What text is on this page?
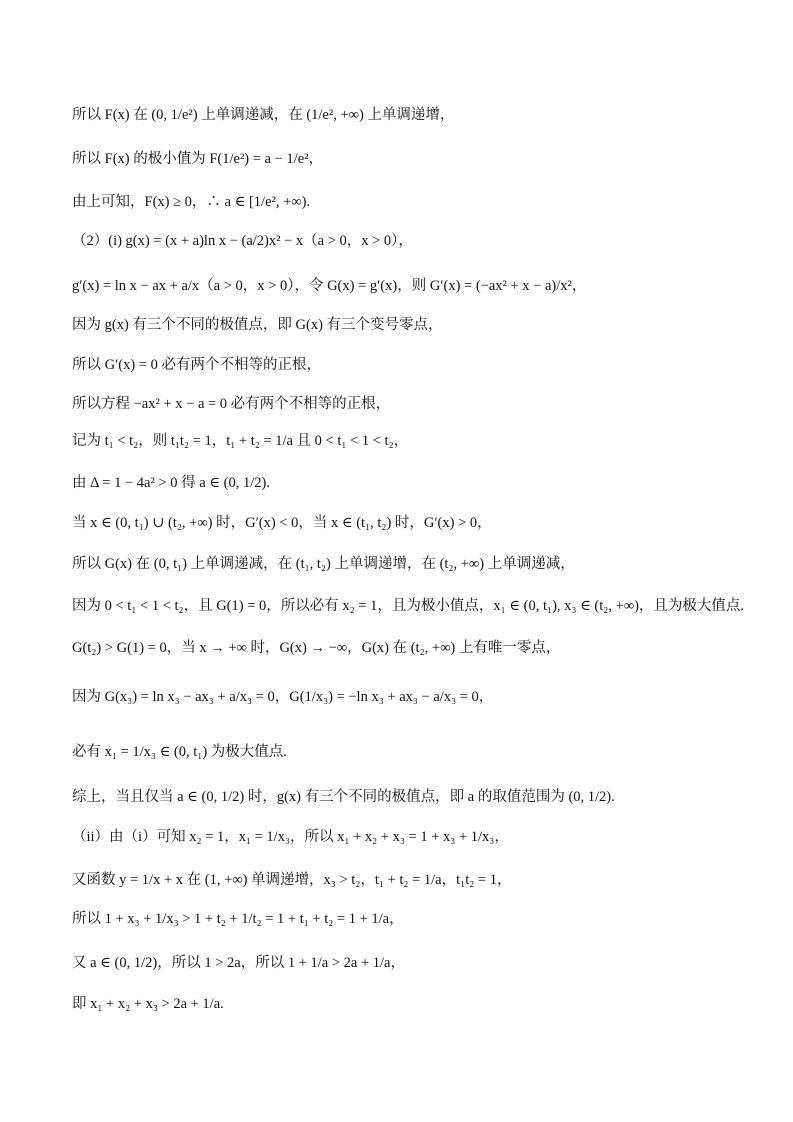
所以 F(x) 在 (0, 1/e²) 上单调递减，在 (1/e², +∞) 上单调递增，
所以 F(x) 的极小值为 F(1/e²) = a − 1/e²，
由上可知，F(x) ≥ 0，∴ a ∈ [1/e², +∞).
（2）(i) g(x) = (x + a)ln x − (a/2)x² − x（a > 0，x > 0），
g′(x) = ln x − ax + a/x（a > 0，x > 0），令 G(x) = g′(x)，则 G′(x) = (−ax² + x − a)/x²，
因为 g(x) 有三个不同的极值点，即 G(x) 有三个变号零点，
所以 G′(x) = 0 必有两个不相等的正根，
所以方程 −ax² + x − a = 0 必有两个不相等的正根，
记为 t₁ < t₂，则 t₁t₂ = 1，t₁ + t₂ = 1/a 且 0 < t₁ < 1 < t₂，
由 Δ = 1 − 4a² > 0 得 a ∈ (0, 1/2).
当 x ∈ (0, t₁) ∪ (t₂, +∞) 时，G′(x) < 0，当 x ∈ (t₁, t₂) 时，G′(x) > 0，
所以 G(x) 在 (0, t₁) 上单调递减，在 (t₁, t₂) 上单调递增，在 (t₂, +∞) 上单调递减，
因为 0 < t₁ < 1 < t₂，且 G(1) = 0，所以必有 x₂ = 1，且为极小值点，x₁ ∈ (0, t₁), x₃ ∈ (t₂, +∞)，且为极大值点.
G(t₂) > G(1) = 0，当 x → +∞ 时，G(x) → −∞，G(x) 在 (t₂, +∞) 上有唯一零点，
因为 G(x₃) = ln x₃ − ax₃ + a/x₃ = 0，G(1/x₃) = −ln x₃ + ax₃ − a/x₃ = 0，
必有 x₁ = 1/x₃ ∈ (0, t₁) 为极大值点.
综上，当且仅当 a ∈ (0, 1/2) 时，g(x) 有三个不同的极值点，即 a 的取值范围为 (0, 1/2).
（ii）由（i）可知 x₂ = 1，x₁ = 1/x₃，所以 x₁ + x₂ + x₃ = 1 + x₃ + 1/x₃，
又函数 y = 1/x + x 在 (1, +∞) 单调递增，x₃ > t₂，t₁ + t₂ = 1/a，t₁t₂ = 1，
所以 1 + x₃ + 1/x₃ > 1 + t₂ + 1/t₂ = 1 + t₁ + t₂ = 1 + 1/a，
又 a ∈ (0, 1/2)，所以 1 > 2a，所以 1 + 1/a > 2a + 1/a，
即 x₁ + x₂ + x₃ > 2a + 1/a.
